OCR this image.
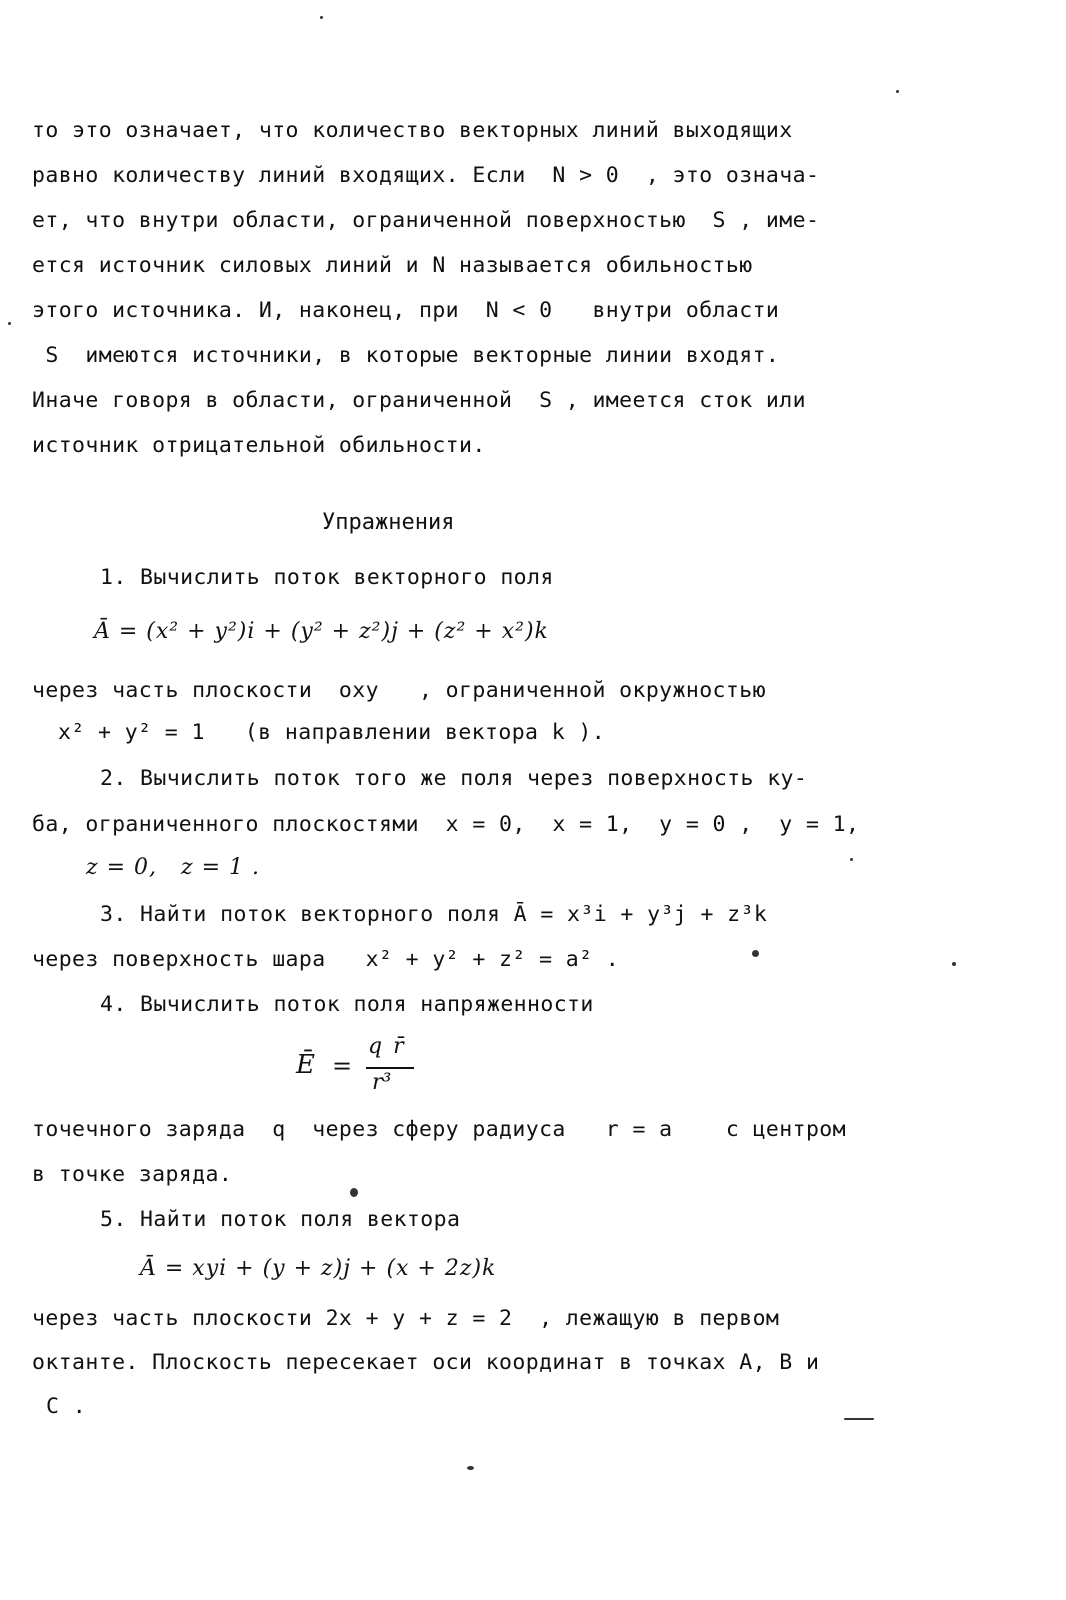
то это означает, что количество векторных линий выходящих
равно количеству линий входящих. Если  N > 0  , это означа-
ет, что внутри области, ограниченной поверхностью  S , име-
ется источник силовых линий и N называется обильностью
этого источника. И, наконец, при  N < 0   внутри области
S  имеются источники, в которые векторные линии входят.
Иначе говоря в области, ограниченной  S , имеется сток или
источник отрицательной обильности.
Упражнения
1. Вычислить поток векторного поля
Ā = (x² + y²)i + (y² + z²)j + (z² + x²)k
через часть плоскости  oxy   , ограниченной окружностью
x² + y² = 1   (в направлении вектора k ).
2. Вычислить поток того же поля через поверхность ку-
ба, ограниченного плоскостями  x = 0,  x = 1,  y = 0 ,  y = 1,
z = 0,   z = 1 .
3. Найти поток векторного поля Ā = x³i + y³j + z³k
через поверхность шара   x² + y² + z² = a² .
4. Вычислить поток поля напряженности
Ē =
q r̄
r³
точечного заряда  q  через сферу радиуса   r = a    с центром
в точке заряда.
5. Найти поток поля вектора
Ā = xyi + (y + z)j + (x + 2z)k
через часть плоскости 2x + y + z = 2  , лежащую в первом
октанте. Плоскость пересекает оси координат в точках A, B и
C .
